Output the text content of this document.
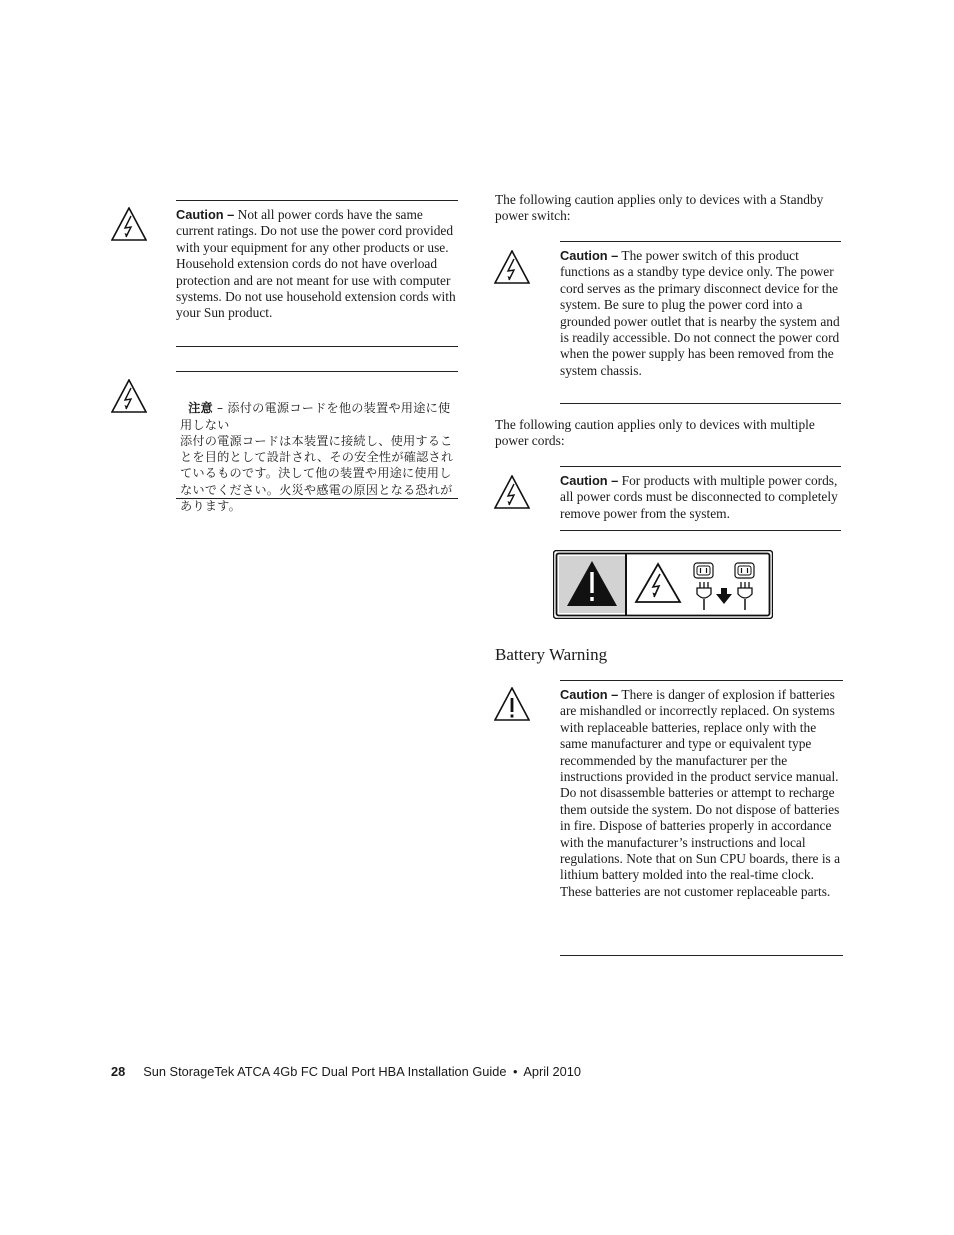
Caution – Not all power cords have the same current ratings. Do not use the power cord provided with your equipment for any other products or use. Household extension cords do not have overload protection and are not meant for use with computer systems. Do not use household extension cords with your Sun product.

注意 – 添付の電源コードを他の装置や用途に使用しない
添付の電源コードは本装置に接続し、使用することを目的として設計され、その安全性が確認されているものです。決して他の装置や用途に使用しないでください。火災や感電の原因となる恐れがあります。

The following caution applies only to devices with a Standby power switch:
Caution – The power switch of this product functions as a standby type device only. The power cord serves as the primary disconnect device for the system. Be sure to plug the power cord into a grounded power outlet that is nearby the system and is readily accessible. Do not connect the power cord when the power supply has been removed from the system chassis.
The following caution applies only to devices with multiple power cords:
Caution – For products with multiple power cords, all power cords must be disconnected to completely remove power from the system.
Battery Warning
Caution – There is danger of explosion if batteries are mishandled or incorrectly replaced. On systems with replaceable batteries, replace only with the same manufacturer and type or equivalent type recommended by the manufacturer per the instructions provided in the product service manual. Do not disassemble batteries or attempt to recharge them outside the system. Do not dispose of batteries in fire. Dispose of batteries properly in accordance with the manufacturer’s instructions and local regulations. Note that on Sun CPU boards, there is a lithium battery molded into the real-time clock. These batteries are not customer replaceable parts.
28 Sun StorageTek ATCA 4Gb FC Dual Port HBA Installation Guide • April 2010
